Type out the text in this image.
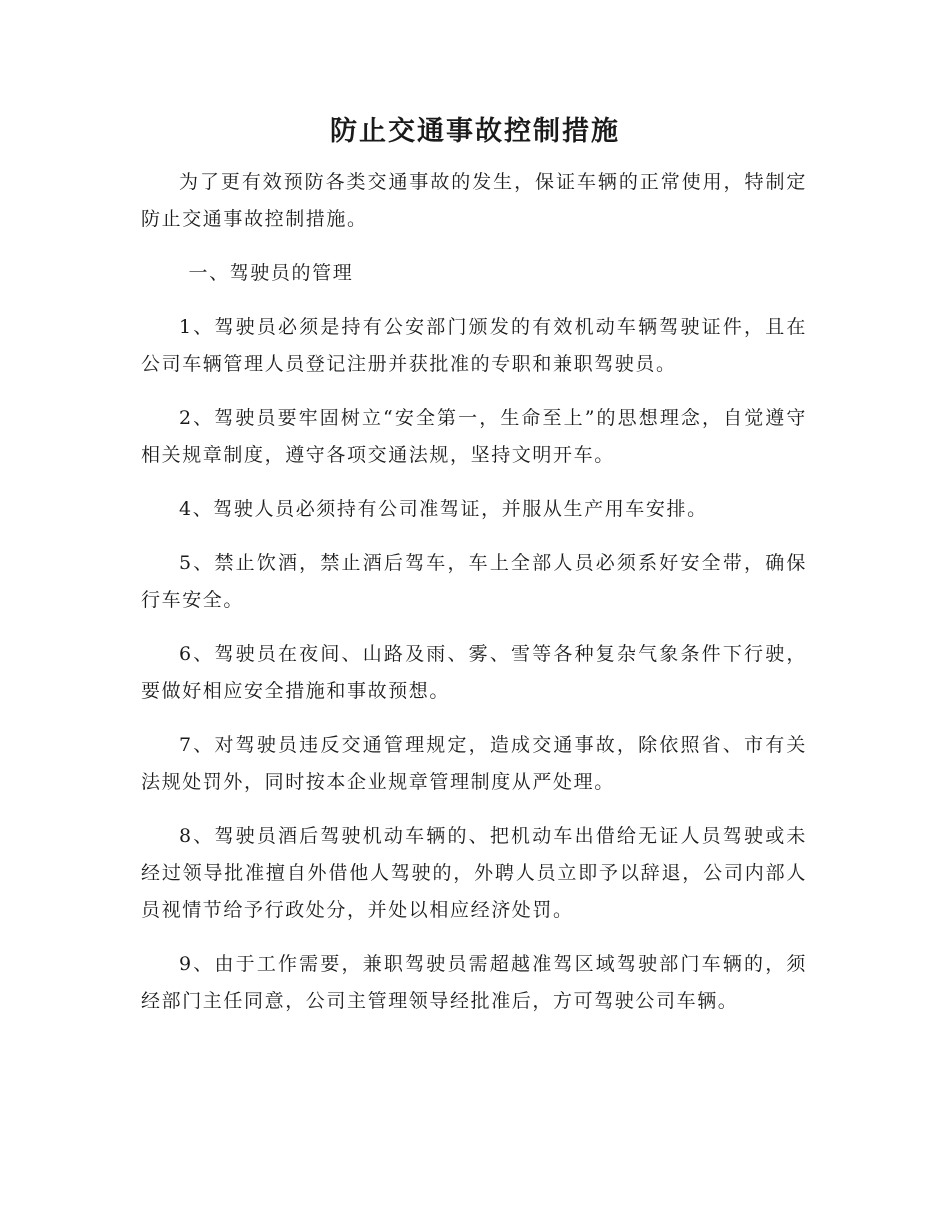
防止交通事故控制措施

为了更有效预防各类交通事故的发生，保证车辆的正常使用，特制定防止交通事故控制措施。

一、驾驶员的管理

1、驾驶员必须是持有公安部门颁发的有效机动车辆驾驶证件，且在公司车辆管理人员登记注册并获批准的专职和兼职驾驶员。

2、驾驶员要牢固树立“安全第一，生命至上”的思想理念，自觉遵守相关规章制度，遵守各项交通法规，坚持文明开车。

4、驾驶人员必须持有公司准驾证，并服从生产用车安排。

5、禁止饮酒，禁止酒后驾车，车上全部人员必须系好安全带，确保行车安全。

6、驾驶员在夜间、山路及雨、雾、雪等各种复杂气象条件下行驶，要做好相应安全措施和事故预想。

7、对驾驶员违反交通管理规定，造成交通事故，除依照省、市有关法规处罚外，同时按本企业规章管理制度从严处理。

8、驾驶员酒后驾驶机动车辆的、把机动车出借给无证人员驾驶或未经过领导批准擅自外借他人驾驶的，外聘人员立即予以辞退，公司内部人员视情节给予行政处分，并处以相应经济处罚。

9、由于工作需要，兼职驾驶员需超越准驾区域驾驶部门车辆的，须经部门主任同意，公司主管理领导经批准后，方可驾驶公司车辆。
